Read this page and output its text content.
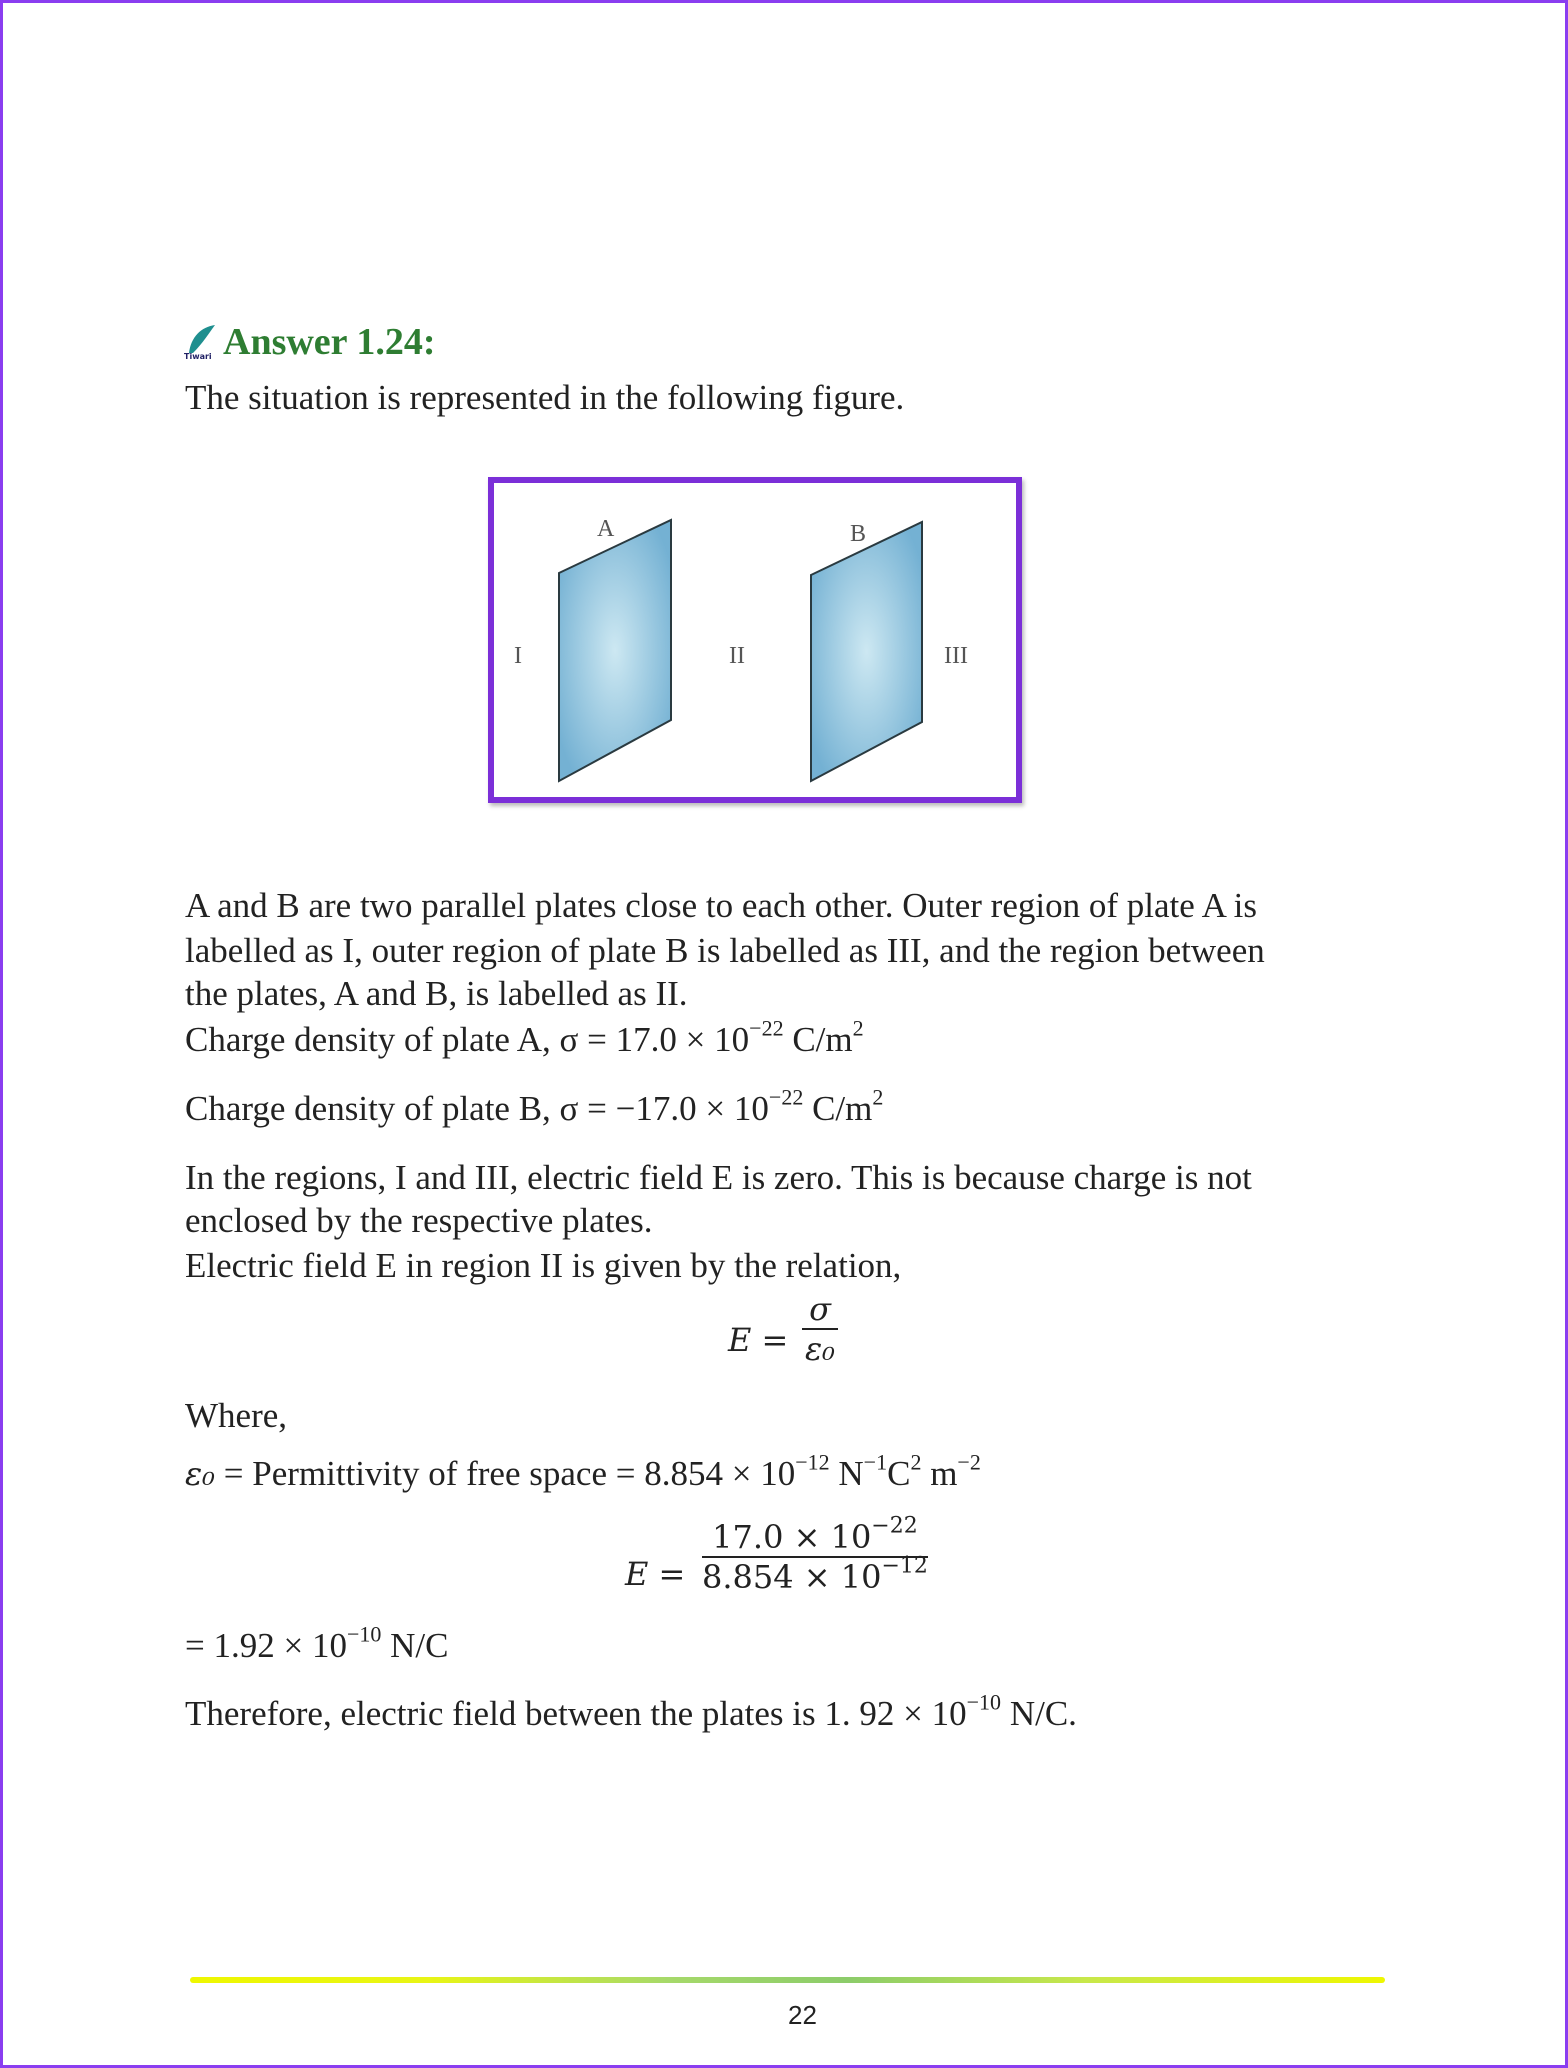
Tiwari Answer 1.24:
The situation is represented in the following figure.
A	B
I	II	III
A and B are two parallel plates close to each other. Outer region of plate A is
labelled as I, outer region of plate B is labelled as III, and the region between
the plates, A and B, is labelled as II.
Charge density of plate A, $\sigma = 17.0 \times 10^{-22}$ $C/m^2$
Charge density of plate B, $\sigma = -17.0 \times 10^{-22}$ $C/m^2$
In the regions, I and III, electric field E is zero. This is because charge is not
enclosed by the respective plates.
Electric field E in region II is given by the relation,
E =
σ
ε₀
Where,
ε₀ = Permittivity of free space = $8.854 \times 10^{-12}$ $N^{-1}C^2$ $m^{-2}$
E =
$17.0 \times 10^{-22}$
$8.854 \times 10^{-12}$
= $1.92 \times 10^{-10}$ N/C
Therefore, electric field between the plates is 1. $92 \times 10^{-10}$ N/C.
22
